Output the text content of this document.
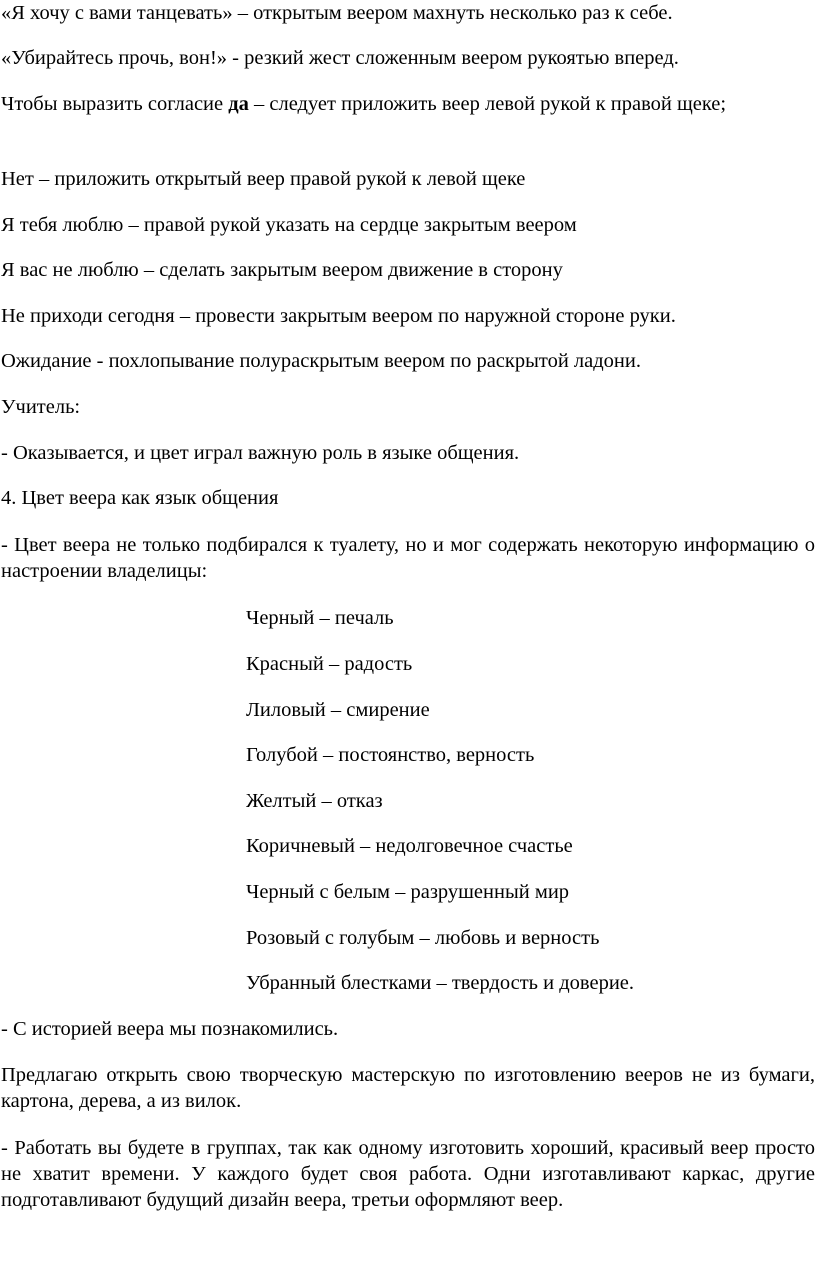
«Я хочу с вами танцевать» – открытым веером махнуть несколько раз к себе.

«Убирайтесь прочь, вон!» - резкий жест сложенным веером рукоятью вперед.

Чтобы выразить согласие да – следует приложить веер левой рукой к правой щеке;

Нет – приложить открытый веер правой рукой к левой щеке

Я тебя люблю – правой рукой указать на сердце закрытым веером

Я вас не люблю – сделать закрытым веером движение в сторону

Не приходи сегодня – провести закрытым веером по наружной стороне руки.

Ожидание - похлопывание полураскрытым веером по раскрытой ладони.

Учитель:

- Оказывается, и цвет играл важную роль в языке общения.

4. Цвет веера как язык общения

- Цвет веера не только подбирался к туалету, но и мог содержать некоторую информацию о настроении владелицы:

Черный – печаль

Красный – радость

Лиловый – смирение

Голубой – постоянство, верность

Желтый – отказ

Коричневый – недолговечное счастье

Черный с белым – разрушенный мир

Розовый с голубым – любовь и верность

Убранный блестками – твердость и доверие.

- С историей веера мы познакомились.

Предлагаю открыть свою творческую мастерскую по изготовлению вееров не из бумаги, картона, дерева, а из вилок.

- Работать вы будете в группах, так как одному изготовить хороший, красивый веер просто не хватит времени. У каждого будет своя работа. Одни изготавливают каркас, другие подготавливают будущий дизайн веера, третьи оформляют веер.
